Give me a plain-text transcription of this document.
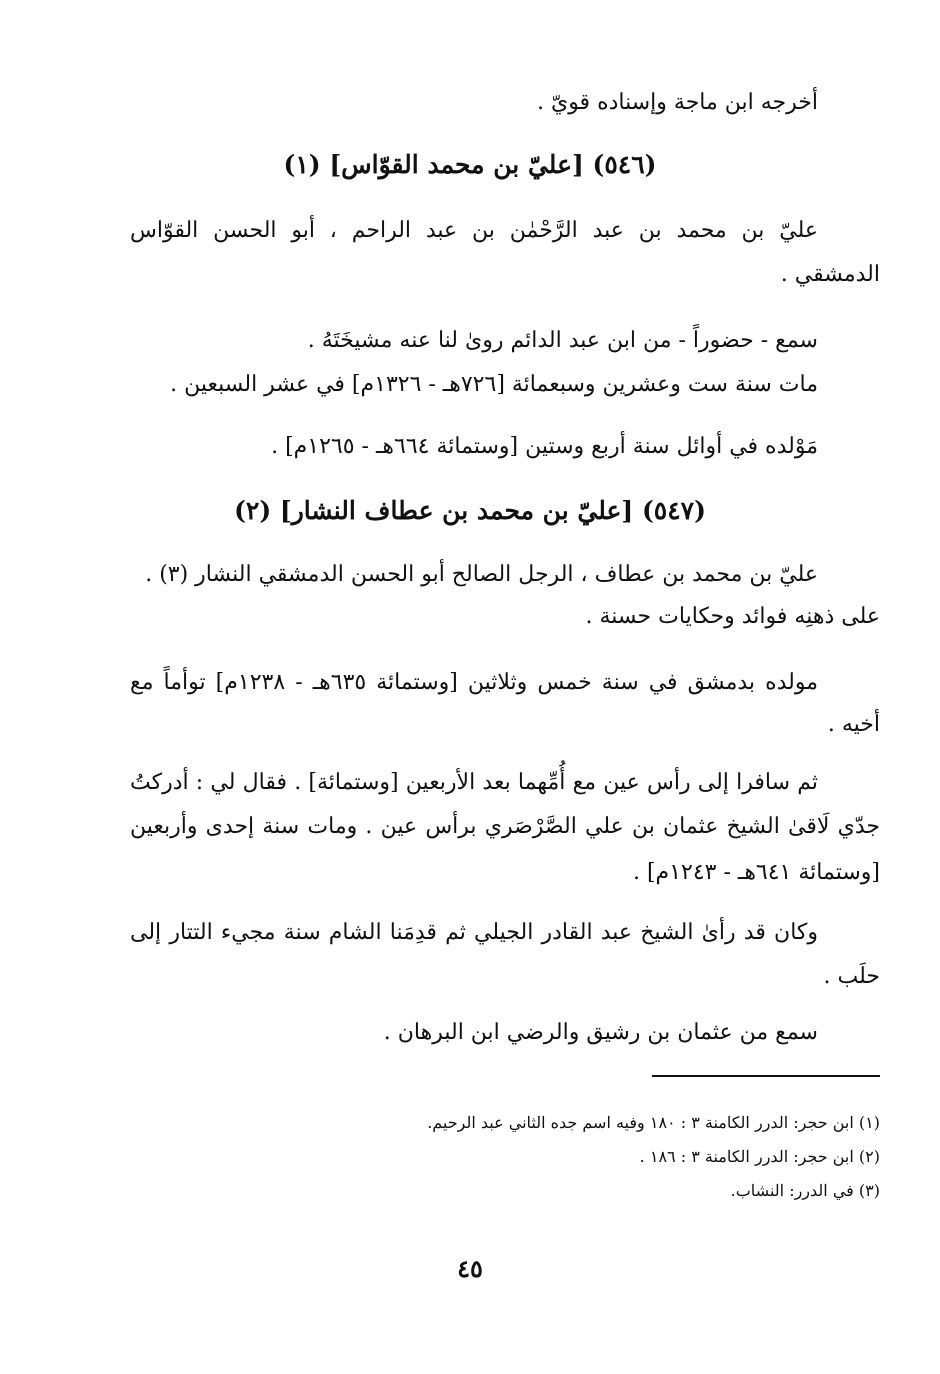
أخرجه ابن ماجة وإسناده قويّ .
(٥٤٦) [عليّ بن محمد القوّاس] (١)
عليّ بن محمد بن عبد الرَّحْمٰن بن عبد الراحم ، أبو الحسن القوّاس
الدمشقي .
سمع - حضوراً - من ابن عبد الدائم روىٰ لنا عنه مشيخَتَهُ .
مات سنة ست وعشرين وسبعمائة [٧٢٦هـ - ١٣٢٦م] في عشر السبعين .
مَوْلده في أوائل سنة أربع وستين [وستمائة ٦٦٤هـ - ١٢٦٥م] .
(٥٤٧) [عليّ بن محمد بن عطاف النشار] (٢)
عليّ بن محمد بن عطاف ، الرجل الصالح أبو الحسن الدمشقي النشار (٣) .
على ذهنِه فوائد وحكايات حسنة .
مولده بدمشق في سنة خمس وثلاثين [وستمائة ٦٣٥هـ - ١٢٣٨م] توأماً مع
أخيه .
ثم سافرا إلى رأس عين مع أُمِّهما بعد الأربعين [وستمائة] . فقال لي : أدركتُ
جدّي لَاقىٰ الشيخ عثمان بن علي الصَّرْصَري برأس عين . ومات سنة إحدى وأربعين
[وستمائة ٦٤١هـ - ١٢٤٣م] .
وكان قد رأىٰ الشيخ عبد القادر الجيلي ثم قدِمَنا الشام سنة مجيء التتار إلى
حلَب .
سمع من عثمان بن رشيق والرضي ابن البرهان .
(١) ابن حجر: الدرر الكامنة ٣ : ١٨٠ وفيه اسم جده الثاني عبد الرحيم.
(٢) ابن حجر: الدرر الكامنة ٣ : ١٨٦ .
(٣) في الدرر: النشاب.
٤٥
